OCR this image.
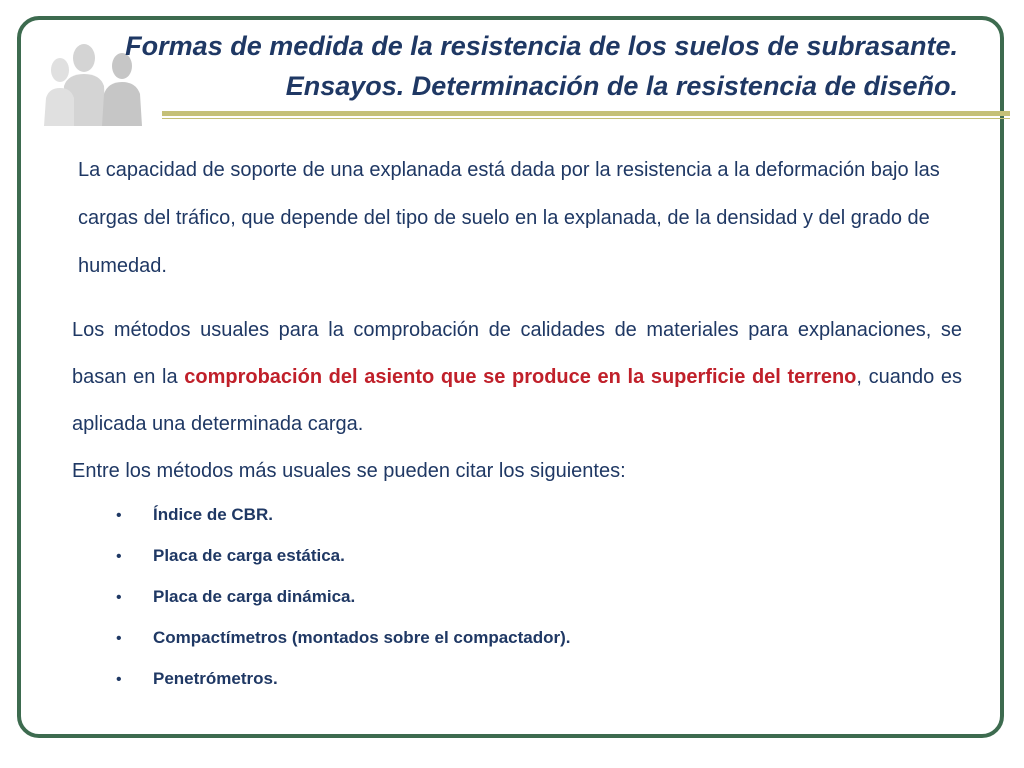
Formas de medida de la resistencia de los suelos de subrasante.
Ensayos. Determinación de la resistencia de diseño.
La capacidad de soporte de una explanada está dada por la resistencia a la deformación bajo las cargas del tráfico, que depende del tipo de suelo en la explanada, de la densidad y del grado de humedad.
Los métodos usuales para la comprobación de calidades de materiales para explanaciones, se basan en la comprobación del asiento que se produce en la superficie del terreno, cuando es aplicada una determinada carga.
Entre los métodos más usuales se pueden citar los siguientes:
• Índice de CBR.
• Placa de carga estática.
• Placa de carga dinámica.
• Compactímetros (montados sobre el compactador).
• Penetrómetros.
